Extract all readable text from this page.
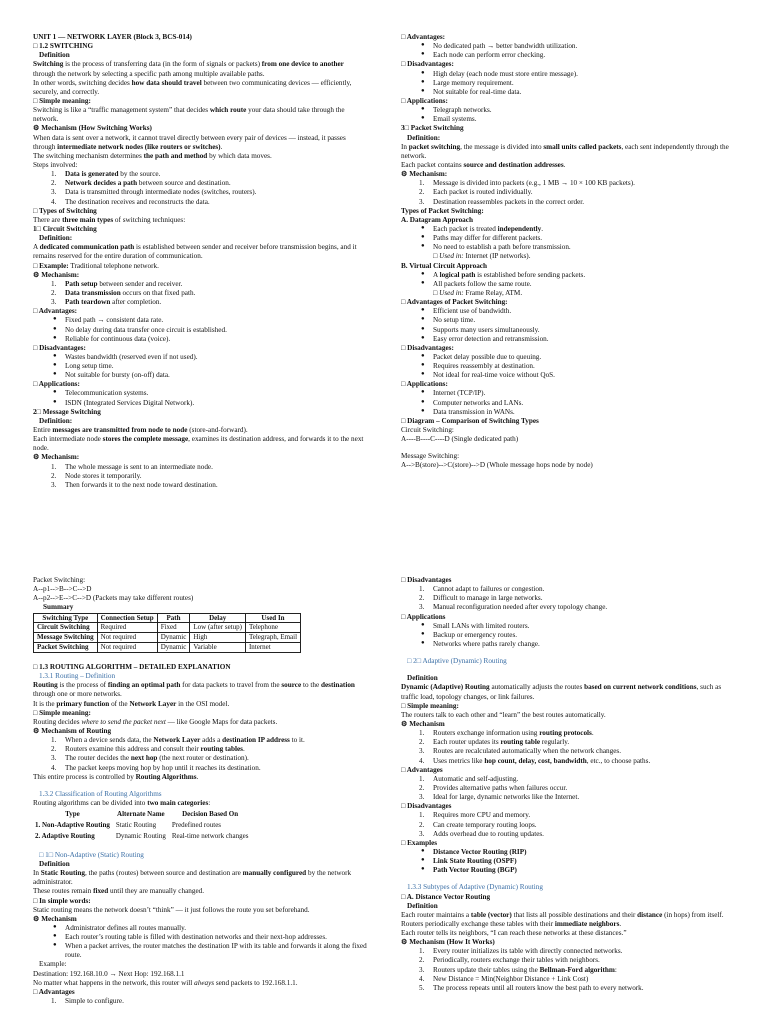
UNIT 1 — NETWORK LAYER (Block 3, BCS-014)
□ 1.2 SWITCHING
Definition
Switching is the process of transferring data (in the form of signals or packets) from one device to another through the network by selecting a specific path among multiple available paths.
In other words, switching decides how data should travel between two communicating devices — efficiently, securely, and correctly.
□ Simple meaning:
Switching is like a “traffic management system” that decides which route your data should take through the network.
⚙ Mechanism (How Switching Works)
When data is sent over a network, it cannot travel directly between every pair of devices — instead, it passes through intermediate network nodes (like routers or switches).
The switching mechanism determines the path and method by which data moves.
Steps involved:
1. Data is generated by the source.
2. Network decides a path between source and destination.
3. Data is transmitted through intermediate nodes (switches, routers).
4. The destination receives and reconstructs the data.
□ Types of Switching
There are three main types of switching techniques:
1□ Circuit Switching
Definition:
A dedicated communication path is established between sender and receiver before transmission begins, and it remains reserved for the entire duration of communication.
□ Example: Traditional telephone network.
⚙ Mechanism:
1. Path setup between sender and receiver.
2. Data transmission occurs on that fixed path.
3. Path teardown after completion.
□ Advantages:
● Fixed path → consistent data rate.
● No delay during data transfer once circuit is established.
● Reliable for continuous data (voice).
□ Disadvantages:
● Wastes bandwidth (reserved even if not used).
● Long setup time.
● Not suitable for bursty (on-off) data.
□ Applications:
● Telecommunication systems.
● ISDN (Integrated Services Digital Network).
2□ Message Switching
Definition:
Entire messages are transmitted from node to node (store-and-forward).
Each intermediate node stores the complete message, examines its destination address, and forwards it to the next node.
⚙ Mechanism:
1. The whole message is sent to an intermediate node.
2. Node stores it temporarily.
3. Then forwards it to the next node toward destination.
□ Advantages:
● No dedicated path → better bandwidth utilization.
● Each node can perform error checking.
□ Disadvantages:
● High delay (each node must store entire message).
● Large memory requirement.
● Not suitable for real-time data.
□ Applications:
● Telegraph networks.
● Email systems.
3□ Packet Switching
Definition:
In packet switching, the message is divided into small units called packets, each sent independently through the network.
Each packet contains source and destination addresses.
⚙ Mechanism:
1. Message is divided into packets (e.g., 1 MB → 10 × 100 KB packets).
2. Each packet is routed individually.
3. Destination reassembles packets in the correct order.
Types of Packet Switching:
A. Datagram Approach
● Each packet is treated independently.
● Paths may differ for different packets.
● No need to establish a path before transmission.
□ Used in: Internet (IP networks).
B. Virtual Circuit Approach
● A logical path is established before sending packets.
● All packets follow the same route.
□ Used in: Frame Relay, ATM.
□ Advantages of Packet Switching:
● Efficient use of bandwidth.
● No setup time.
● Supports many users simultaneously.
● Easy error detection and retransmission.
□ Disadvantages:
● Packet delay possible due to queuing.
● Requires reassembly at destination.
● Not ideal for real-time voice without QoS.
□ Applications:
● Internet (TCP/IP).
● Computer networks and LANs.
● Data transmission in WANs.
□ Diagram – Comparison of Switching Types
Circuit Switching:
A----B----C----D (Single dedicated path)
Message Switching:
A-->B(store)-->C(store)-->D (Whole message hops node by node)
Packet Switching:
A--p1-->B-->C-->D
A--p2-->E-->C-->D (Packets may take different routes)
Summary
Switching Type	Connection Setup	Path	Delay	Used In
Circuit Switching	Required	Fixed	Low (after setup)	Telephone
Message Switching	Not required	Dynamic	High	Telegraph, Email
Packet Switching	Not required	Dynamic	Variable	Internet
□ 1.3 ROUTING ALGORITHM – DETAILED EXPLANATION
1.3.1 Routing – Definition
Routing is the process of finding an optimal path for data packets to travel from the source to the destination through one or more networks.
It is the primary function of the Network Layer in the OSI model.
□ Simple meaning:
Routing decides where to send the packet next — like Google Maps for data packets.
⚙ Mechanism of Routing
1. When a device sends data, the Network Layer adds a destination IP address to it.
2. Routers examine this address and consult their routing tables.
3. The router decides the next hop (the next router or destination).
4. The packet keeps moving hop by hop until it reaches its destination.
This entire process is controlled by Routing Algorithms.
1.3.2 Classification of Routing Algorithms
Routing algorithms can be divided into two main categories:
Type	Alternate Name	Decision Based On
1. Non-Adaptive Routing	Static Routing	Predefined routes
2. Adaptive Routing	Dynamic Routing	Real-time network changes
□ 1□ Non-Adaptive (Static) Routing
Definition
In Static Routing, the paths (routes) between source and destination are manually configured by the network administrator.
These routes remain fixed until they are manually changed.
□ In simple words:
Static routing means the network doesn’t “think” — it just follows the route you set beforehand.
⚙ Mechanism
● Administrator defines all routes manually.
● Each router’s routing table is filled with destination networks and their next-hop addresses.
● When a packet arrives, the router matches the destination IP with its table and forwards it along the fixed route.
Example:
Destination: 192.168.10.0 → Next Hop: 192.168.1.1
No matter what happens in the network, this router will always send packets to 192.168.1.1.
□ Advantages
1. Simple to configure.
□ Disadvantages
1. Cannot adapt to failures or congestion.
2. Difficult to manage in large networks.
3. Manual reconfiguration needed after every topology change.
□ Applications
● Small LANs with limited routers.
● Backup or emergency routes.
● Networks where paths rarely change.
□ 2□ Adaptive (Dynamic) Routing
Definition
Dynamic (Adaptive) Routing automatically adjusts the routes based on current network conditions, such as traffic load, topology changes, or link failures.
□ Simple meaning:
The routers talk to each other and “learn” the best routes automatically.
⚙ Mechanism
1. Routers exchange information using routing protocols.
2. Each router updates its routing table regularly.
3. Routes are recalculated automatically when the network changes.
4. Uses metrics like hop count, delay, cost, bandwidth, etc., to choose paths.
□ Advantages
1. Automatic and self-adjusting.
2. Provides alternative paths when failures occur.
3. Ideal for large, dynamic networks like the Internet.
□ Disadvantages
1. Requires more CPU and memory.
2. Can create temporary routing loops.
3. Adds overhead due to routing updates.
□ Examples
● Distance Vector Routing (RIP)
● Link State Routing (OSPF)
● Path Vector Routing (BGP)
1.3.3 Subtypes of Adaptive (Dynamic) Routing
□ A. Distance Vector Routing
Definition
Each router maintains a table (vector) that lists all possible destinations and their distance (in hops) from itself.
Routers periodically exchange these tables with their immediate neighbors.
Each router tells its neighbors, “I can reach these networks at these distances.”
⚙ Mechanism (How It Works)
1. Every router initializes its table with directly connected networks.
2. Periodically, routers exchange their tables with neighbors.
3. Routers update their tables using the Bellman-Ford algorithm:
4. New Distance = Min(Neighbor Distance + Link Cost)
5. The process repeats until all routers know the best path to every network.
